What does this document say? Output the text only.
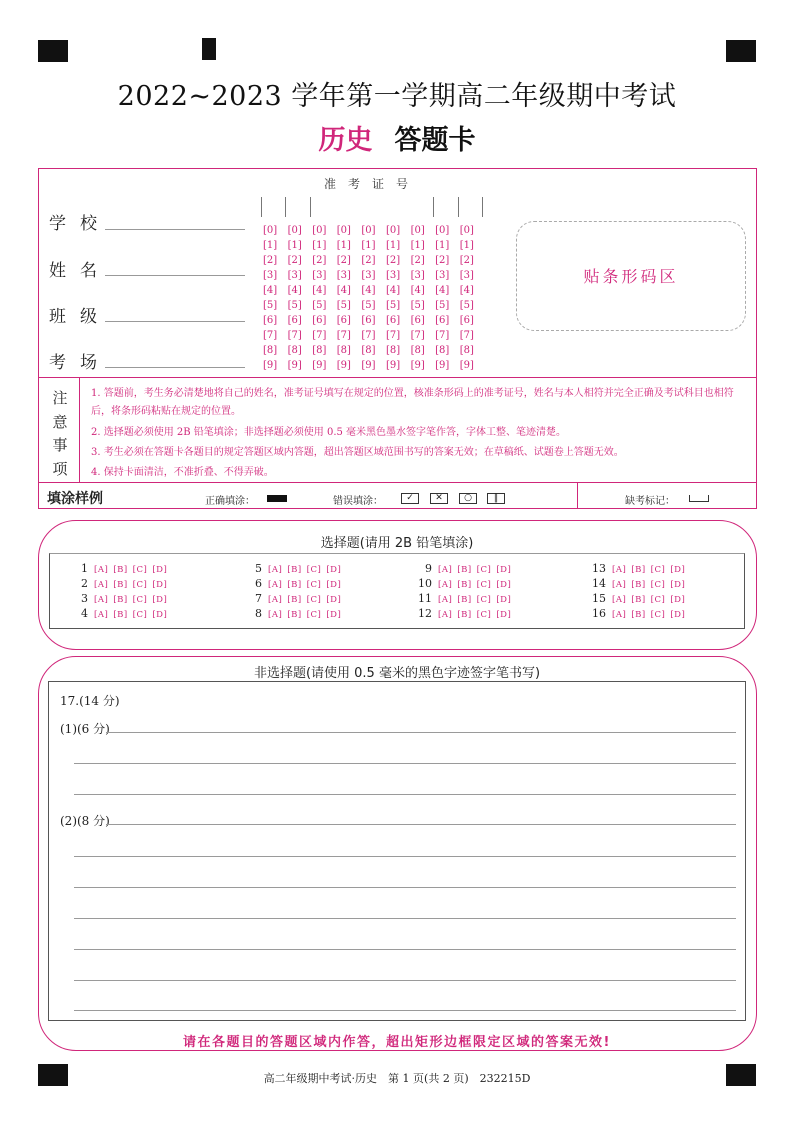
2022~2023 学年第一学期高二年级期中考试
历史 答题卡
学校
姓名
班级
考场
准考证号
[0] [0] [0] [0] [0] [0] [0] [0] [0]
[1] [1] [1] [1] [1] [1] [1] [1] [1]
[2] [2] [2] [2] [2] [2] [2] [2] [2]
[3] [3] [3] [3] [3] [3] [3] [3] [3]
[4] [4] [4] [4] [4] [4] [4] [4] [4]
[5] [5] [5] [5] [5] [5] [5] [5] [5]
[6] [6] [6] [6] [6] [6] [6] [6] [6]
[7] [7] [7] [7] [7] [7] [7] [7] [7]
[8] [8] [8] [8] [8] [8] [8] [8] [8]
[9] [9] [9] [9] [9] [9] [9] [9] [9]
贴条形码区
注
意
事
项
1. 答题前，考生务必清楚地将自己的姓名，准考证号填写在规定的位置，核准条形码上的准考证号，姓名与本人相符并完全正确及考试科目也相符后，将条形码粘贴在规定的位置。
2. 选择题必须使用 2B 铅笔填涂；非选择题必须使用 0.5 毫米黑色墨水签字笔作答，字体工整、笔迹清楚。
3. 考生必须在答题卡各题目的规定答题区域内答题，超出答题区域范围书写的答案无效；在草稿纸、试题卷上答题无效。
4. 保持卡面清洁，不准折叠、不得弄破。
填涂样例	正确填涂：	错误填涂：	✓	✕	○	‖	缺考标记：
选择题(请用 2B 铅笔填涂)
1 [A] [B] [C] [D]
2 [A] [B] [C] [D]
3 [A] [B] [C] [D]
4 [A] [B] [C] [D]
5 [A] [B] [C] [D]
6 [A] [B] [C] [D]
7 [A] [B] [C] [D]
8 [A] [B] [C] [D]
9 [A] [B] [C] [D]
10 [A] [B] [C] [D]
11 [A] [B] [C] [D]
12 [A] [B] [C] [D]
13 [A] [B] [C] [D]
14 [A] [B] [C] [D]
15 [A] [B] [C] [D]
16 [A] [B] [C] [D]
非选择题(请使用 0.5 毫米的黑色字迹签字笔书写)
17.(14 分)
(1)(6 分)
(2)(8 分)
请在各题目的答题区域内作答，超出矩形边框限定区域的答案无效!
高二年级期中考试·历史　第 1 页(共 2 页)　232215D
